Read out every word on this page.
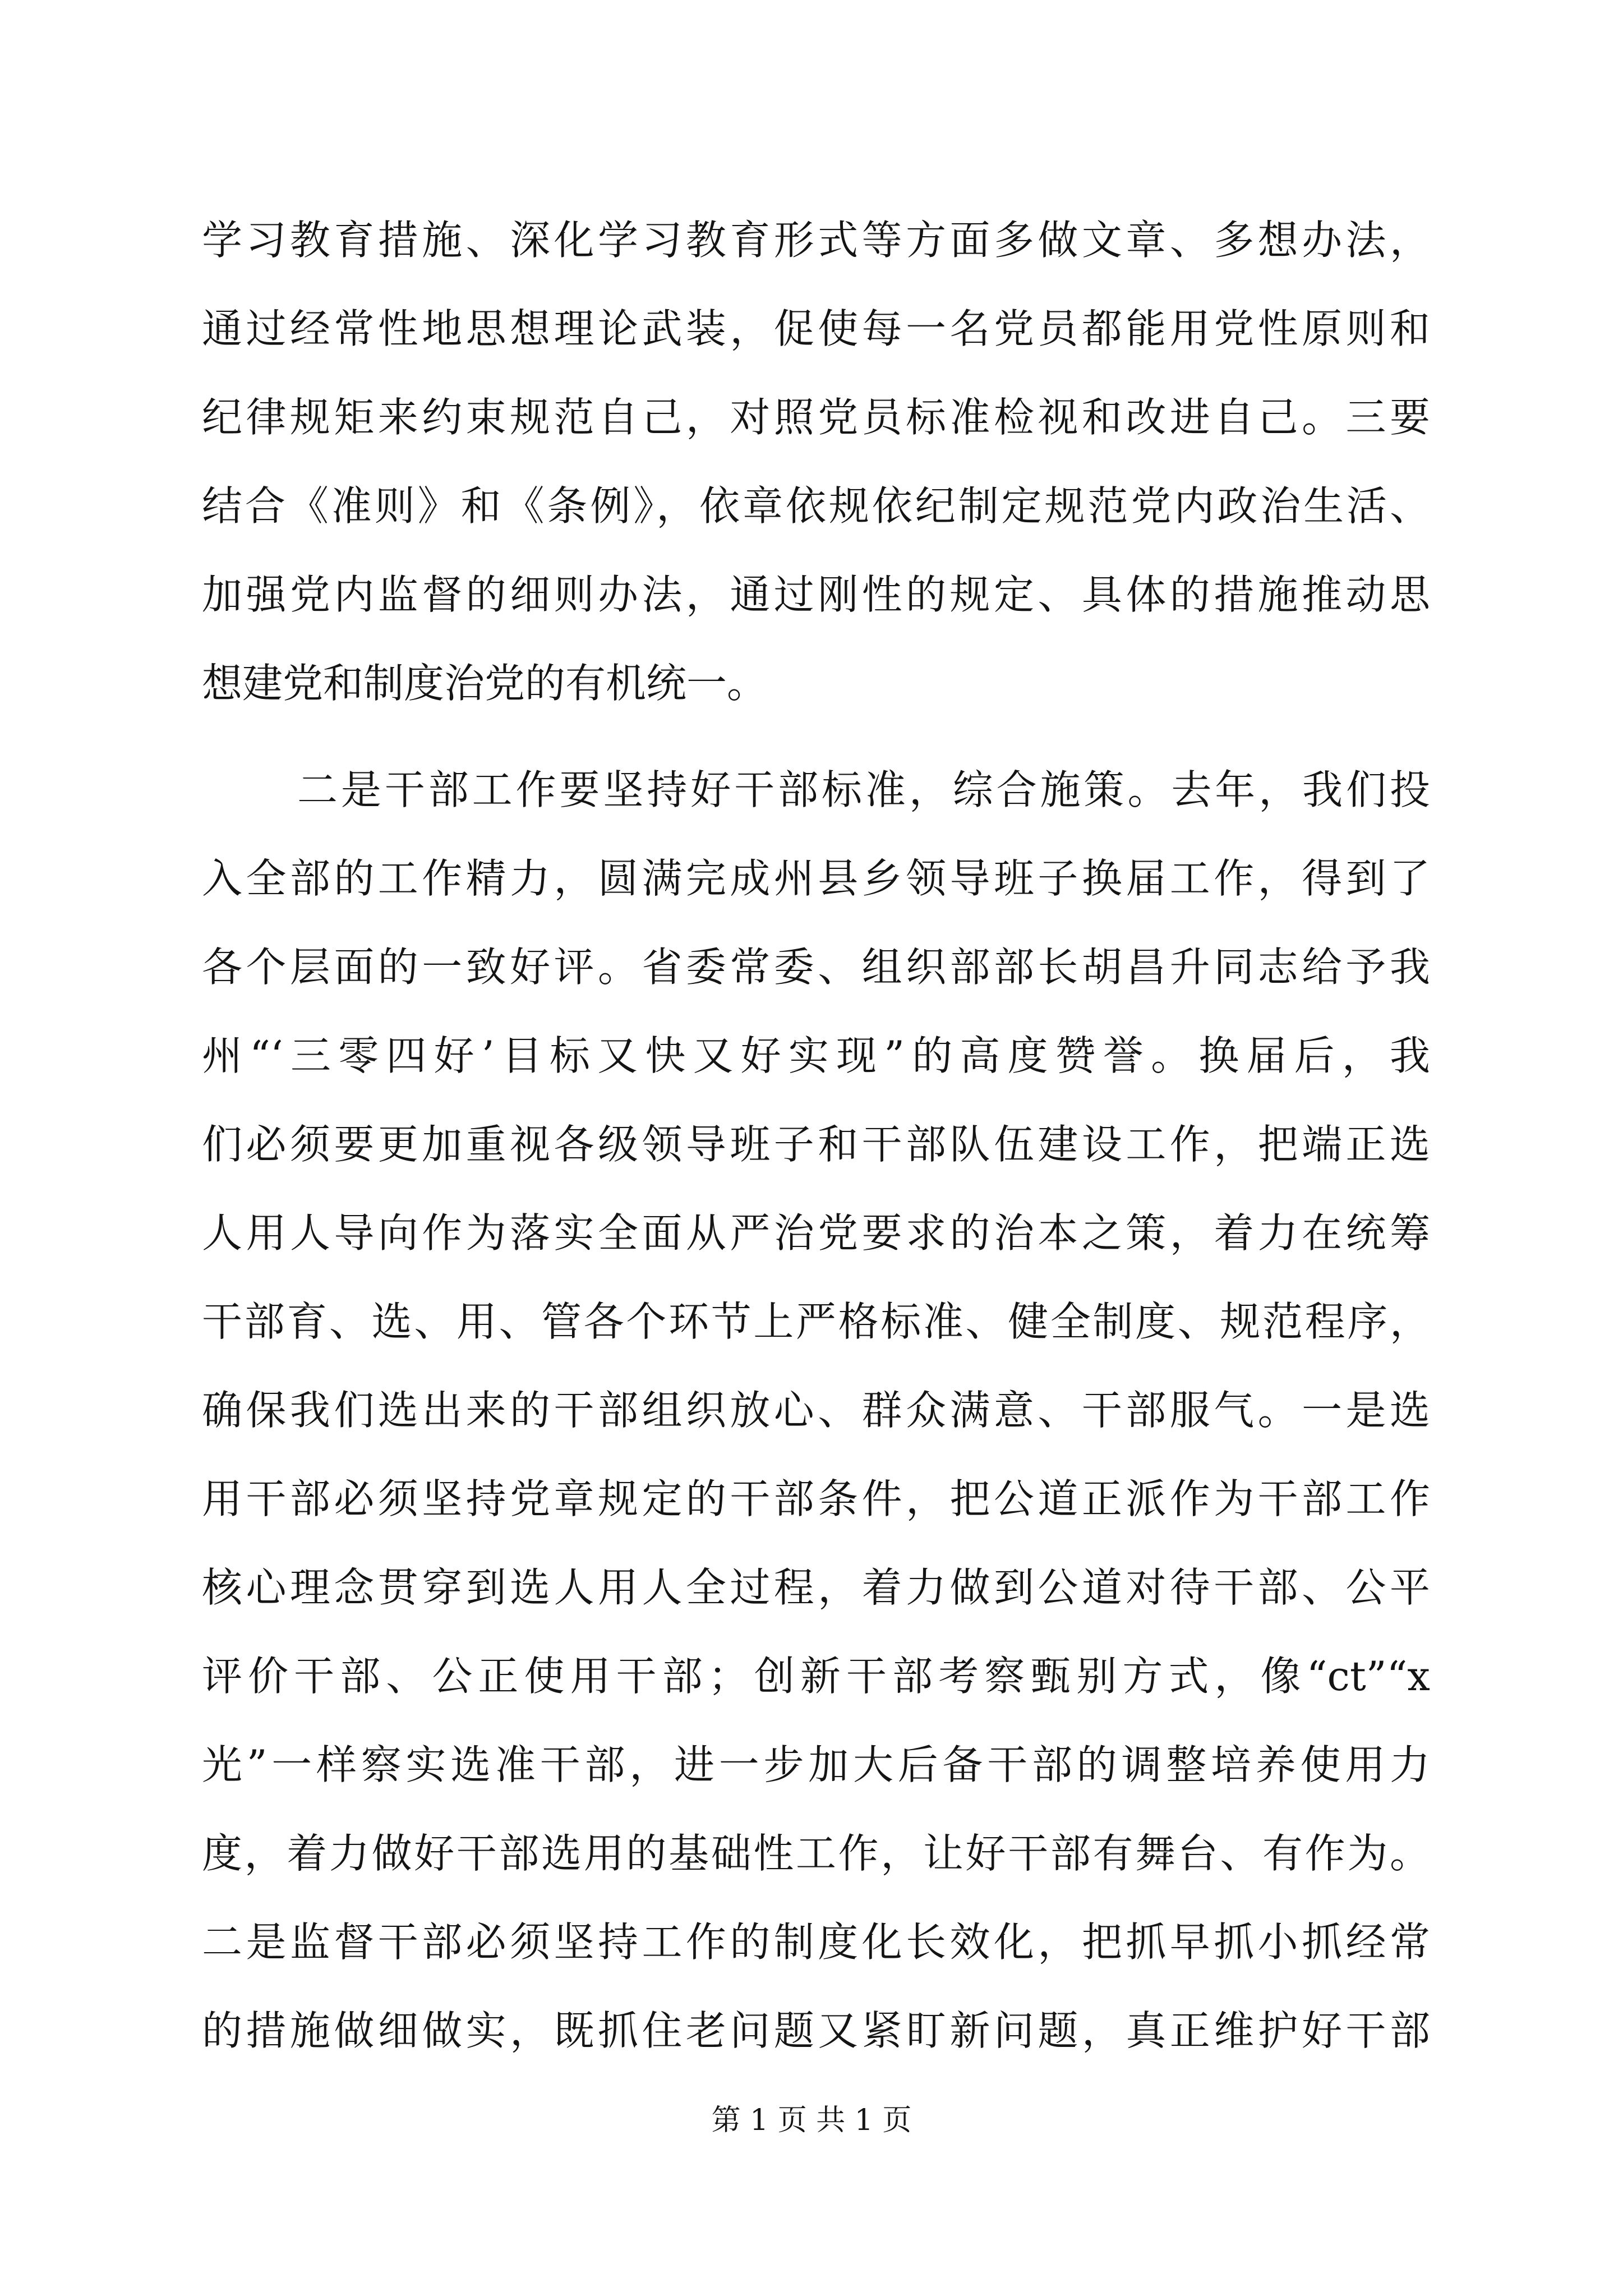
学习教育措施、深化学习教育形式等方面多做文章、多想办法，

通过经常性地思想理论武装，促使每一名党员都能用党性原则和

纪律规矩来约束规范自己，对照党员标准检视和改进自己。三要

结合《准则》和《条例》，依章依规依纪制定规范党内政治生活、

加强党内监督的细则办法，通过刚性的规定、具体的措施推动思

想建党和制度治党的有机统一。

二是干部工作要坚持好干部标准，综合施策。去年，我们投

入全部的工作精力，圆满完成州县乡领导班子换届工作，得到了

各个层面的一致好评。省委常委、组织部部长胡昌升同志给予我

州“‘三零四好’目标又快又好实现”的高度赞誉。换届后，我

们必须要更加重视各级领导班子和干部队伍建设工作，把端正选

人用人导向作为落实全面从严治党要求的治本之策，着力在统筹

干部育、选、用、管各个环节上严格标准、健全制度、规范程序，

确保我们选出来的干部组织放心、群众满意、干部服气。一是选

用干部必须坚持党章规定的干部条件，把公道正派作为干部工作

核心理念贯穿到选人用人全过程，着力做到公道对待干部、公平

评价干部、公正使用干部；创新干部考察甄别方式，像“ct”“x

光”一样察实选准干部，进一步加大后备干部的调整培养使用力

度，着力做好干部选用的基础性工作，让好干部有舞台、有作为。

二是监督干部必须坚持工作的制度化长效化，把抓早抓小抓经常

的措施做细做实，既抓住老问题又紧盯新问题，真正维护好干部

第 1 页 共 1 页
